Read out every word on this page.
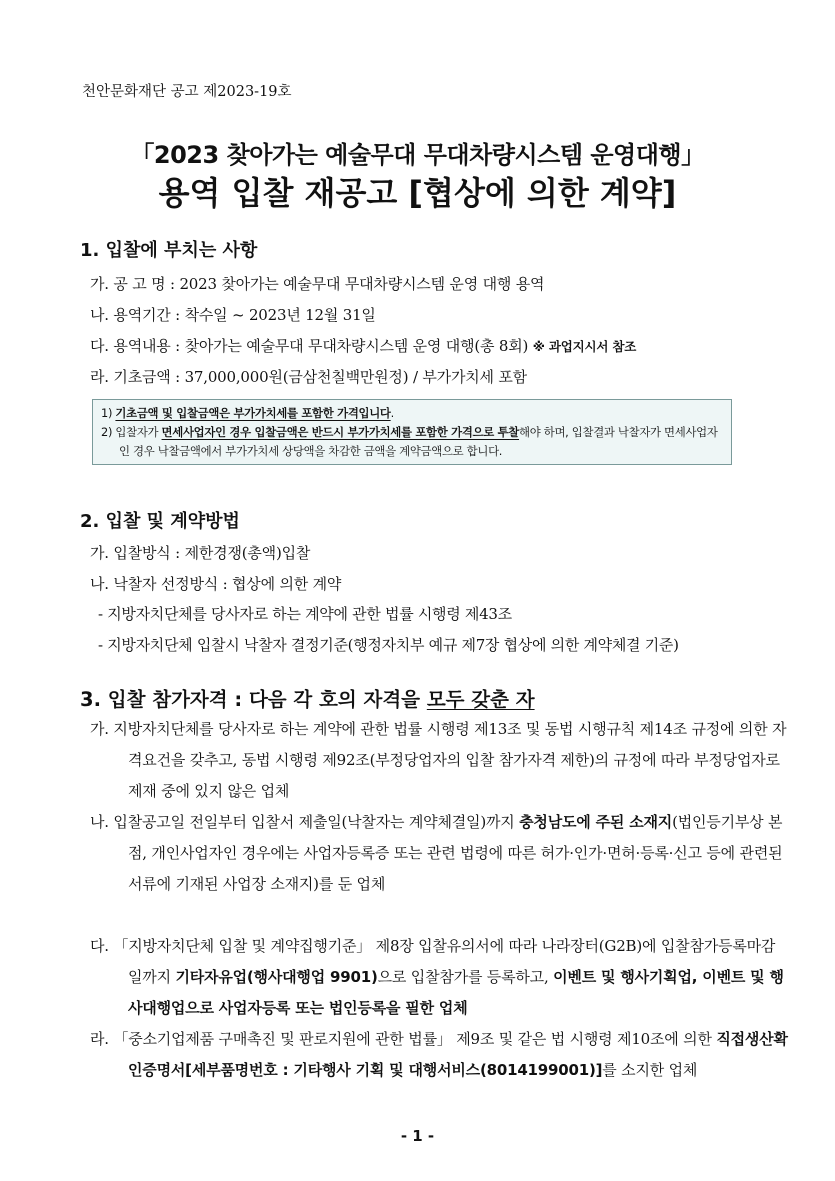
천안문화재단 공고 제2023-19호
「2023 찾아가는 예술무대 무대차량시스템 운영대행」
용역 입찰 재공고 [협상에 의한 계약]
1. 입찰에 부치는 사항
가. 공 고 명 : 2023 찾아가는 예술무대 무대차량시스템 운영 대행 용역
나. 용역기간 : 착수일 ~ 2023년 12월 31일
다. 용역내용 : 찾아가는 예술무대 무대차량시스템 운영 대행(총 8회) ※ 과업지시서 참조
라. 기초금액 : 37,000,000원(금삼천칠백만원정) / 부가가치세 포함
1) 기초금액 및 입찰금액은 부가가치세를 포함한 가격입니다.
2) 입찰자가 면세사업자인 경우 입찰금액은 반드시 부가가치세를 포함한 가격으로 투찰해야 하며, 입찰결과 낙찰자가 면세사업자인 경우 낙찰금액에서 부가가치세 상당액을 차감한 금액을 계약금액으로 합니다.
2. 입찰 및 계약방법
가. 입찰방식 : 제한경쟁(총액)입찰
나. 낙찰자 선정방식 : 협상에 의한 계약
- 지방자치단체를 당사자로 하는 계약에 관한 법률 시행령 제43조
- 지방자치단체 입찰시 낙찰자 결정기준(행정자치부 예규 제7장 협상에 의한 계약체결 기준)
3. 입찰 참가자격 : 다음 각 호의 자격을 모두 갖춘 자
가. 지방자치단체를 당사자로 하는 계약에 관한 법률 시행령 제13조 및 동법 시행규칙 제14조 규정에 의한 자격요건을 갖추고, 동법 시행령 제92조(부정당업자의 입찰 참가자격 제한)의 규정에 따라 부정당업자로 제재 중에 있지 않은 업체
나. 입찰공고일 전일부터 입찰서 제출일(낙찰자는 계약체결일)까지 충청남도에 주된 소재지(법인등기부상 본점, 개인사업자인 경우에는 사업자등록증 또는 관련 법령에 따른 허가·인가·면허·등록·신고 등에 관련된 서류에 기재된 사업장 소재지)를 둔 업체
다. 「지방자치단체 입찰 및 계약집행기준」 제8장 입찰유의서에 따라 나라장터(G2B)에 입찰참가등록마감일까지 기타자유업(행사대행업 9901)으로 입찰참가를 등록하고, 이벤트 및 행사기획업, 이벤트 및 행사대행업으로 사업자등록 또는 법인등록을 필한 업체
라. 「중소기업제품 구매촉진 및 판로지원에 관한 법률」 제9조 및 같은 법 시행령 제10조에 의한 직접생산확인증명서[세부품명번호 : 기타행사 기획 및 대행서비스(8014199001)]를 소지한 업체
- 1 -
